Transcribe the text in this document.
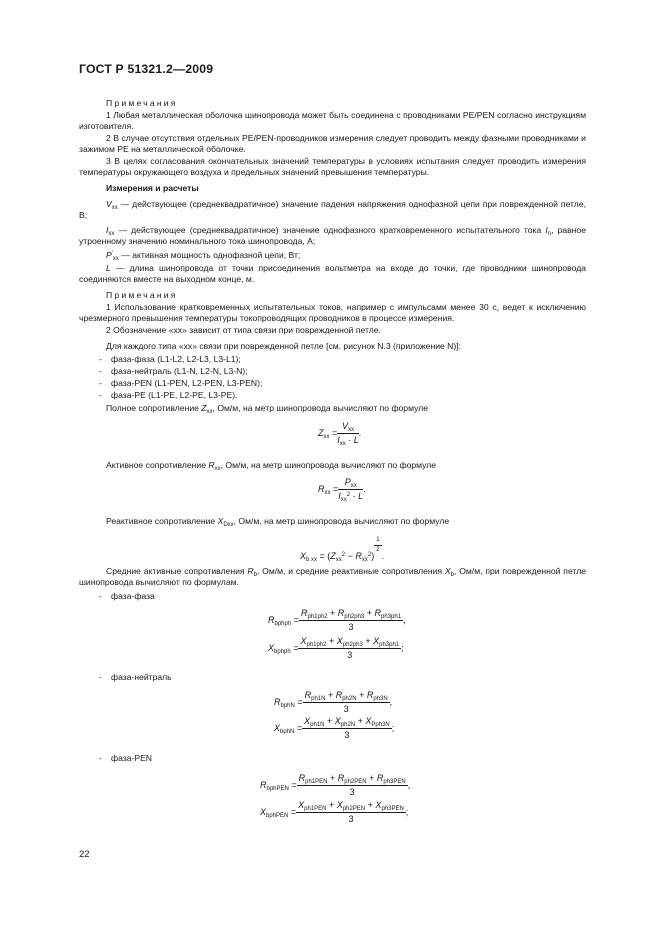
ГОСТ Р 51321.2—2009
Примечания
1 Любая металлическая оболочка шинопровода может быть соединена с проводниками PE/PEN согласно инструкциям изготовителя.
2 В случае отсутствия отдельных PE/PEN-проводников измерения следует проводить между фазными проводниками и зажимом PE на металлической оболочке.
3 В целях согласования окончательных значений температуры в условиях испытания следует проводить измерения температуры окружающего воздуха и предельных значений превышения температуры.
Измерения и расчеты
$V_{xx}$ — действующее (среднеквадратичное) значение падения напряжения однофазной цепи при поврежденной петле, В;
$I_{xx}$ — действующее (среднеквадратичное) значение однофазного кратковременного испытательного тока $I_n$, равное утроенному значению номинального тока шинопровода, А;
$P'_{xx}$ — активная мощность однофазной цепи, Вт;
L — длина шинопровода от точки присоединения вольтметра на входе до точки, где проводники шинопровода соединяются вместе на выходном конце, м.
Примечания
1 Использование кратковременных испытательных токов, например с импульсами менее 30 с, ведет к исключению чрезмерного превышения температуры токопроводящих проводников в процессе измерения.
2 Обозначение «xx» зависит от типа связи при поврежденной петле.
Для каждого типа «xx» связи при поврежденной петле [см. рисунок N.3 (приложение N)]:
- фаза-фаза (L1-L2, L2-L3, L3-L1);
- фаза-нейтраль (L1-N, L2-N, L3-N);
- фаза-PEN (L1-PEN, L2-PEN, L3-PEN);
- фаза-PE (L1-PE, L2-PE, L3-PE).
Полное сопротивление $Z_{xx}$, Ом/м, на метр шинопровода вычисляют по формуле
$Z_{xx} = \frac{V_{xx}}{I_{xx} \cdot L}$ .
Активное сопротивление $R_{xx}$, Ом/м, на метр шинопровода вычисляют по формуле
$R_{xx} = \frac{P_{xx}}{I_{xx}^2 \cdot L}$ .
Реактивное сопротивление $X_{Dxx}$, Ом/м, на метр шинопровода вычисляют по формуле
$X_{b xx} = (Z_{xx}^2 - R_{xx}^2)$
$\frac{1}{2}$
.
Средние активные сопротивления $R_b$, Ом/м, и средние реактивные сопротивления $X_b$, Ом/м, при поврежденной петле шинопровода вычисляют по формулам.
- фаза-фаза
$R_{bphph} = \frac{R_{ph1ph2} + R_{ph2ph3} + R_{ph3ph1}}{3}$ ,
$X_{bphph} = \frac{X_{ph1ph2} + X_{ph2ph3} + X_{ph3ph1}}{3}$ ;
- фаза-нейтраль
$R_{bphN} = \frac{R_{ph1N} + R_{ph2N} + R_{ph3N}}{3}$ ,
$X_{bphN} = \frac{X_{ph1N} + X_{ph2N} + X_{Pph3N}}{3}$ ;
- фаза-PEN
$R_{bphPEN} = \frac{R_{ph1PEN} + R_{ph2PEN} + R_{ph3PEN}}{3}$ ,
$X_{bphPEN} = \frac{X_{ph1PEN} + X_{ph2PEN} + X_{ph3PEN}}{3}$ ;
22
